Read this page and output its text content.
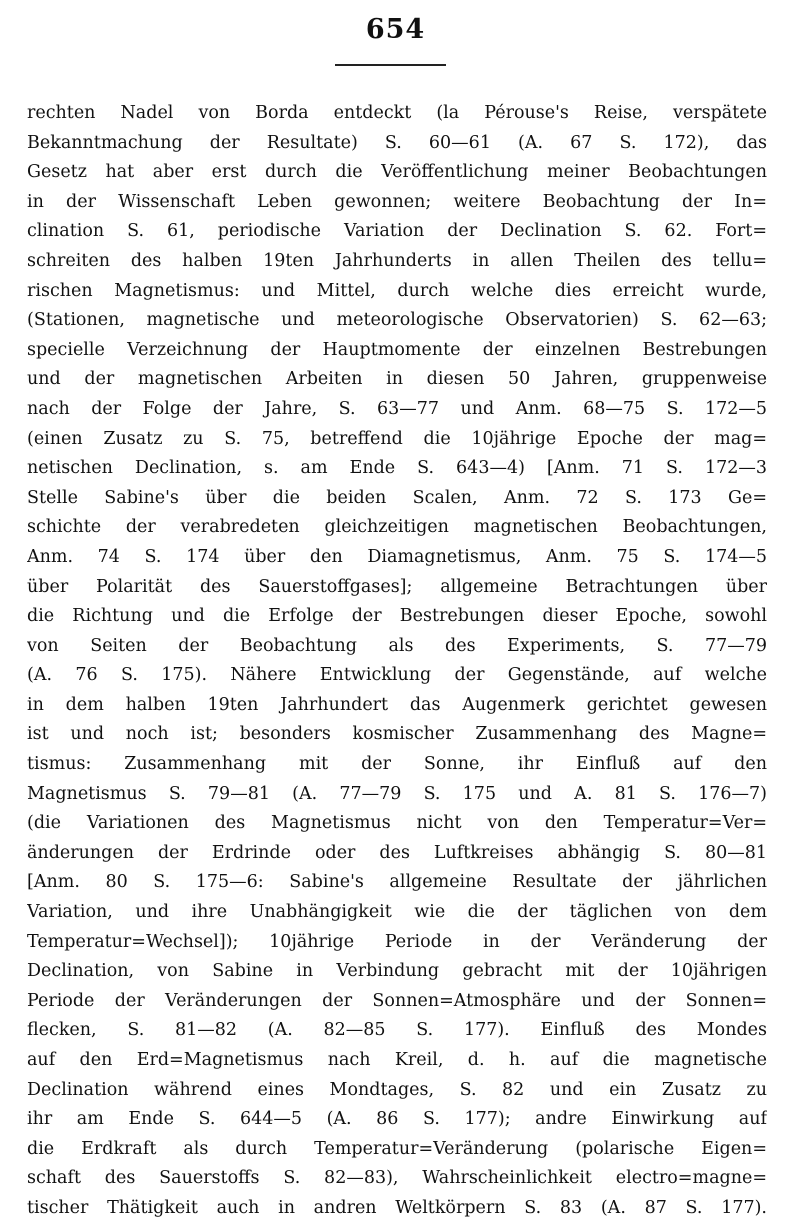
654
rechten Nadel von Borda entdeckt (la Pérouse's Reise, verspätete
Bekanntmachung der Resultate) S. 60—61 (A. 67 S. 172), das
Gesetz hat aber erst durch die Veröffentlichung meiner Beobachtungen
in der Wissenschaft Leben gewonnen; weitere Beobachtung der In=
clination S. 61, periodische Variation der Declination S. 62. Fort=
schreiten des halben 19ten Jahrhunderts in allen Theilen des tellu=
rischen Magnetismus: und Mittel, durch welche dies erreicht wurde,
(Stationen, magnetische und meteorologische Observatorien) S. 62—63;
specielle Verzeichnung der Hauptmomente der einzelnen Bestrebungen
und der magnetischen Arbeiten in diesen 50 Jahren, gruppenweise
nach der Folge der Jahre, S. 63—77 und Anm. 68—75 S. 172—5
(einen Zusatz zu S. 75, betreffend die 10jährige Epoche der mag=
netischen Declination, s. am Ende S. 643—4) [Anm. 71 S. 172—3
Stelle Sabine's über die beiden Scalen, Anm. 72 S. 173 Ge=
schichte der verabredeten gleichzeitigen magnetischen Beobachtungen,
Anm. 74 S. 174 über den Diamagnetismus, Anm. 75 S. 174—5
über Polarität des Sauerstoffgases]; allgemeine Betrachtungen über
die Richtung und die Erfolge der Bestrebungen dieser Epoche, sowohl
von Seiten der Beobachtung als des Experiments, S. 77—79
(A. 76 S. 175). Nähere Entwicklung der Gegenstände, auf welche
in dem halben 19ten Jahrhundert das Augenmerk gerichtet gewesen
ist und noch ist; besonders kosmischer Zusammenhang des Magne=
tismus: Zusammenhang mit der Sonne, ihr Einfluß auf den
Magnetismus S. 79—81 (A. 77—79 S. 175 und A. 81 S. 176—7)
(die Variationen des Magnetismus nicht von den Temperatur=Ver=
änderungen der Erdrinde oder des Luftkreises abhängig S. 80—81
[Anm. 80 S. 175—6: Sabine's allgemeine Resultate der jährlichen
Variation, und ihre Unabhängigkeit wie die der täglichen von dem
Temperatur=Wechsel]); 10jährige Periode in der Veränderung der
Declination, von Sabine in Verbindung gebracht mit der 10jährigen
Periode der Veränderungen der Sonnen=Atmosphäre und der Sonnen=
flecken, S. 81—82 (A. 82—85 S. 177). Einfluß des Mondes
auf den Erd=Magnetismus nach Kreil, d. h. auf die magnetische
Declination während eines Mondtages, S. 82 und ein Zusatz zu
ihr am Ende S. 644—5 (A. 86 S. 177); andre Einwirkung auf
die Erdkraft als durch Temperatur=Veränderung (polarische Eigen=
schaft des Sauerstoffs S. 82—83), Wahrscheinlichkeit electro=magne=
tischer Thätigkeit auch in andren Weltkörpern S. 83 (A. 87 S. 177).
